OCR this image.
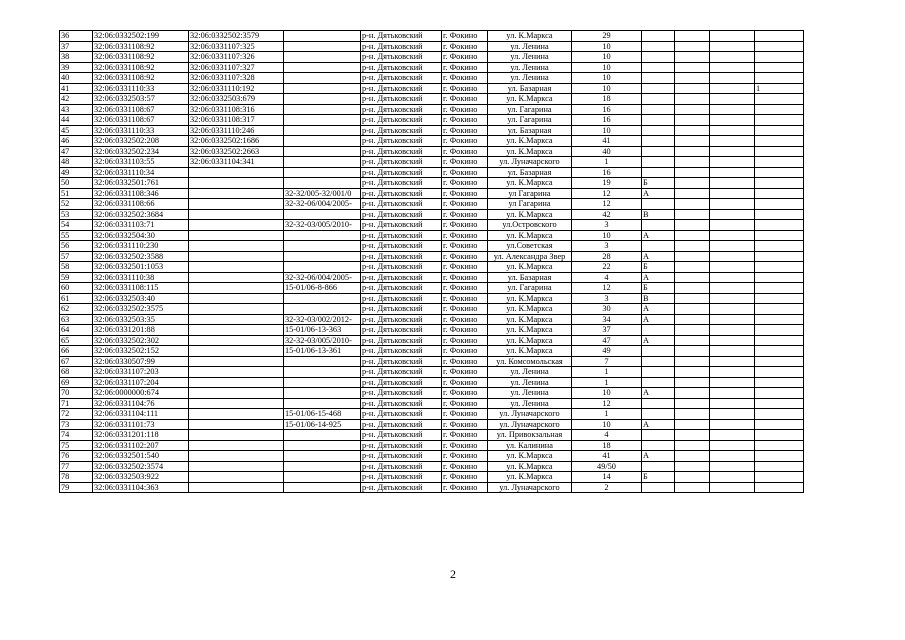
36	32:06:0332502:199	32:06:0332502:3579		р-н. Дятьковский	г. Фокино	ул. К.Маркса	29				
37	32:06:0331108:92	32:06:0331107:325		р-н. Дятьковский	г. Фокино	ул. Ленина	10				
38	32:06:0331108:92	32:06:0331107:326		р-н. Дятьковский	г. Фокино	ул. Ленина	10				
39	32:06:0331108:92	32:06:0331107:327		р-н. Дятьковский	г. Фокино	ул. Ленина	10				
40	32:06:0331108:92	32:06:0331107:328		р-н. Дятьковский	г. Фокино	ул. Ленина	10				
41	32:06:0331110:33	32:06:0331110:192		р-н. Дятьковский	г. Фокино	ул. Базарная	10				1
42	32:06:0332503:57	32:06:0332503:679		р-н. Дятьковский	г. Фокино	ул. К.Маркса	18				
43	32:06:0331108:67	32:06:0331108:316		р-н. Дятьковский	г. Фокино	ул. Гагарина	16				
44	32:06:0331108:67	32:06:0331108:317		р-н. Дятьковский	г. Фокино	ул. Гагарина	16				
45	32:06:0331110:33	32:06:0331110:246		р-н. Дятьковский	г. Фокино	ул. Базарная	10				
46	32:06:0332502:208	32:06:0332502:1686		р-н. Дятьковский	г. Фокино	ул. К.Маркса	41				
47	32:06:0332502:234	32:06:0332502:2663		р-н. Дятьковский	г. Фокино	ул. К.Маркса	40				
48	32:06:0331103:55	32:06:0331104:341		р-н. Дятьковский	г. Фокино	ул. Луначарского	1				
49	32:06:0331110:34			р-н. Дятьковский	г. Фокино	ул. Базарная	16				
50	32:06:0332501:761			р-н. Дятьковский	г. Фокино	ул. К.Маркса	19	Б			
51	32:06:0331108:346		32-32/005-32/001/0	р-н. Дятьковский	г. Фокино	ул Гагарина	12	А			
52	32:06:0331108:66		32-32-06/004/2005-	р-н. Дятьковский	г. Фокино	ул Гагарина	12				
53	32:06:0332502:3684			р-н. Дятьковский	г. Фокино	ул. К.Маркса	42	В			
54	32:06:0331103:71		32-32-03/005/2010-	р-н. Дятьковский	г. Фокино	ул.Островского	3				
55	32:06:0332504:30			р-н. Дятьковский	г. Фокино	ул. К.Маркса	10	А			
56	32:06:0331110:230			р-н. Дятьковский	г. Фокино	ул.Советская	3				
57	32:06:0332502:3588			р-н. Дятьковский	г. Фокино	ул. Александра Звер	28	А			
58	32:06:0332501:1053			р-н. Дятьковский	г. Фокино	ул. К.Маркса	22	Б			
59	32:06:0331110:38		32-32-06/004/2005-	р-н. Дятьковский	г. Фокино	ул. Базарная	4	А			
60	32:06:0331108:115		15-01/06-8-866	р-н. Дятьковский	г. Фокино	ул. Гагарина	12	Б			
61	32:06:0332503:40			р-н. Дятьковский	г. Фокино	ул. К.Маркса	3	В			
62	32:06:0332502:3575			р-н. Дятьковский	г. Фокино	ул. К.Маркса	30	А			
63	32:06:0332503:35		32-32-03/002/2012-	р-н. Дятьковский	г. Фокино	ул. К.Маркса	34	А			
64	32:06:0331201:88		15-01/06-13-363	р-н. Дятьковский	г. Фокино	ул. К.Маркса	37				
65	32:06:0332502:302		32-32-03/005/2010-	р-н. Дятьковский	г. Фокино	ул. К.Маркса	47	А			
66	32:06:0332502:152		15-01/06-13-361	р-н. Дятьковский	г. Фокино	ул. К.Маркса	49				
67	32:06:0330507:99			р-н. Дятьковский	г. Фокино	ул. Комсомольская	7				
68	32:06:0331107:203			р-н. Дятьковский	г. Фокино	ул. Ленина	1				
69	32:06:0331107:204			р-н. Дятьковский	г. Фокино	ул. Ленина	1				
70	32:06:0000000:674			р-н. Дятьковский	г. Фокино	ул. Ленина	10	А			
71	32:06:0331104:76			р-н. Дятьковский	г. Фокино	ул. Ленина	12				
72	32:06:0331104:111		15-01/06-15-468	р-н. Дятьковский	г. Фокино	ул. Луначарского	1				
73	32:06:0331101:73		15-01/06-14-925	р-н. Дятьковский	г. Фокино	ул. Луначарского	10	А			
74	32:06:0331201:118			р-н. Дятьковский	г. Фокино	ул. Привокзальная	4				
75	32:06:0331102:207			р-н. Дятьковский	г. Фокино	ул. Калинина	18				
76	32:06:0332501:540			р-н. Дятьковский	г. Фокино	ул. К.Маркса	41	А			
77	32:06:0332502:3574			р-н. Дятьковский	г. Фокино	ул. К.Маркса	49/50				
78	32:06:0332503:922			р-н. Дятьковский	г. Фокино	ул. К.Маркса	14	Б			
79	32:06:0331104:363			р-н. Дятьковский	г. Фокино	ул. Луначарского	2				
2
